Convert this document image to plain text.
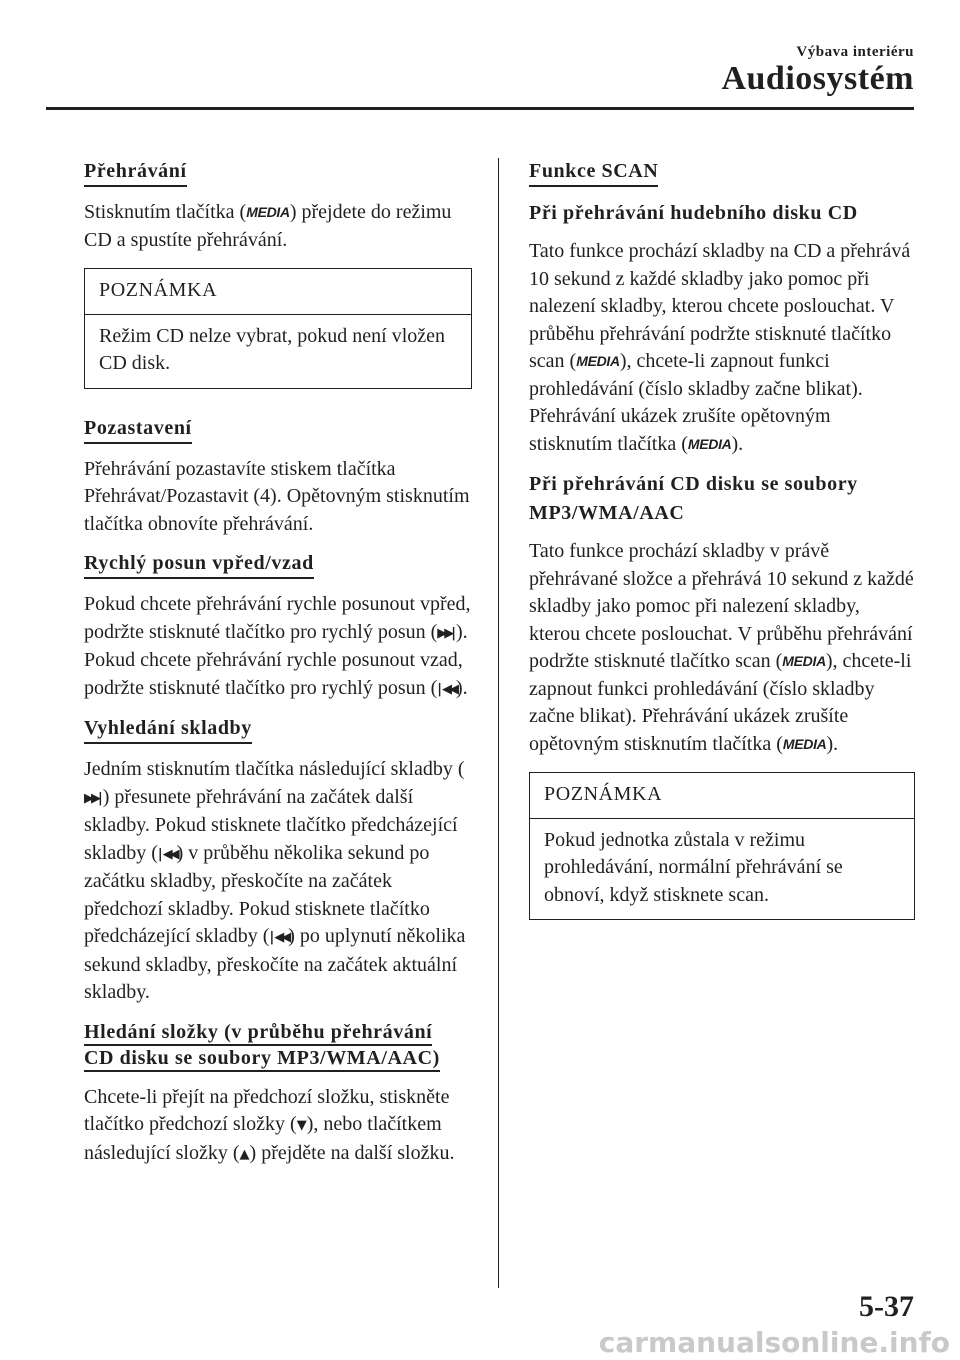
Výbava interiéru
Audiosystém
Přehrávání

Stisknutím tlačítka (MEDIA) přejdete do režimu CD a spustíte přehrávání.

POZNÁMKA
Režim CD nelze vybrat, pokud není vložen CD disk.
Pozastavení

Přehrávání pozastavíte stiskem tlačítka Přehrávat/Pozastavit (4). Opětovným stisknutím tlačítka obnovíte přehrávání.

Rychlý posun vpřed/vzad

Pokud chcete přehrávání rychle posunout vpřed, podržte stisknuté tlačítko pro rychlý posun (▶▶|). Pokud chcete přehrávání rychle posunout vzad, podržte stisknuté tlačítko pro rychlý posun (|◀◀).

Vyhledání skladby

Jedním stisknutím tlačítka následující skladby (▶▶|) přesunete přehrávání na začátek další skladby. Pokud stisknete tlačítko předcházející skladby (|◀◀) v průběhu několika sekund po začátku skladby, přeskočíte na začátek předchozí skladby. Pokud stisknete tlačítko předcházející skladby (|◀◀) po uplynutí několika sekund skladby, přeskočíte na začátek aktuální skladby.

Hledání složky (v průběhu přehrávání
CD disku se soubory MP3/WMA/AAC)

Chcete-li přejít na předchozí složku, stiskněte tlačítko předchozí složky (▼), nebo tlačítkem následující složky (▲) přejděte na další složku.

Funkce SCAN
Při přehrávání hudebního disku CD

Tato funkce prochází skladby na CD a přehrává 10 sekund z každé skladby jako pomoc při nalezení skladby, kterou chcete poslouchat. V průběhu přehrávání podržte stisknuté tlačítko scan (MEDIA), chcete-li zapnout funkci prohledávání (číslo skladby začne blikat). Přehrávání ukázek zrušíte opětovným stisknutím tlačítka (MEDIA).

Při přehrávání CD disku se soubory MP3/WMA/AAC

Tato funkce prochází skladby v právě přehrávané složce a přehrává 10 sekund z každé skladby jako pomoc při nalezení skladby, kterou chcete poslouchat. V průběhu přehrávání podržte stisknuté tlačítko scan (MEDIA), chcete-li zapnout funkci prohledávání (číslo skladby začne blikat). Přehrávání ukázek zrušíte opětovným stisknutím tlačítka (MEDIA).

POZNÁMKA
Pokud jednotka zůstala v režimu prohledávání, normální přehrávání se obnoví, když stisknete scan.
5-37
carmanualsonline.info
